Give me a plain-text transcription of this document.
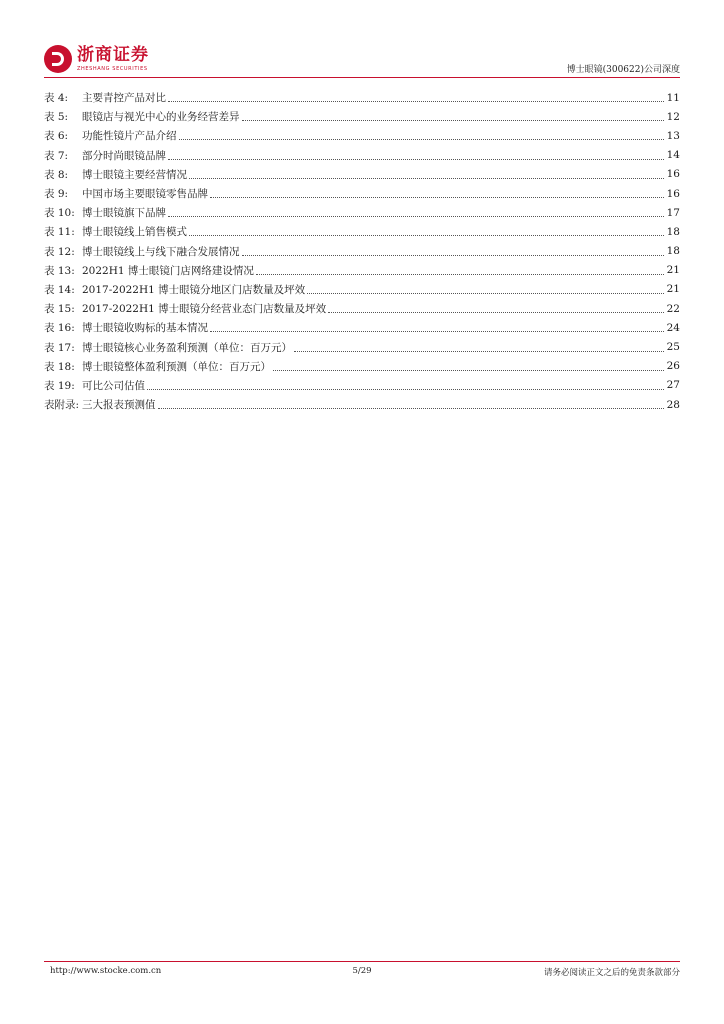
浙商证券
ZHESHANG SECURITIES	博士眼镜(300622)公司深度
表 4:	主要青控产品对比	11
表 5:	眼镜店与视光中心的业务经营差异	12
表 6:	功能性镜片产品介绍	13
表 7:	部分时尚眼镜品牌	14
表 8:	博士眼镜主要经营情况	16
表 9:	中国市场主要眼镜零售品牌	16
表 10: 博士眼镜旗下品牌	17
表 11: 博士眼镜线上销售模式	18
表 12: 博士眼镜线上与线下融合发展情况	18
表 13: 2022H1 博士眼镜门店网络建设情况	21
表 14: 2017-2022H1 博士眼镜分地区门店数量及坪效	21
表 15: 2017-2022H1 博士眼镜分经营业态门店数量及坪效	22
表 16: 博士眼镜收购标的基本情况	24
表 17: 博士眼镜核心业务盈利预测（单位：百万元）	25
表 18: 博士眼镜整体盈利预测（单位：百万元）	26
表 19: 可比公司估值	27
表附录: 三大报表预测值	28
5/29
http://www.stocke.com.cn	请务必阅读正文之后的免责条款部分
